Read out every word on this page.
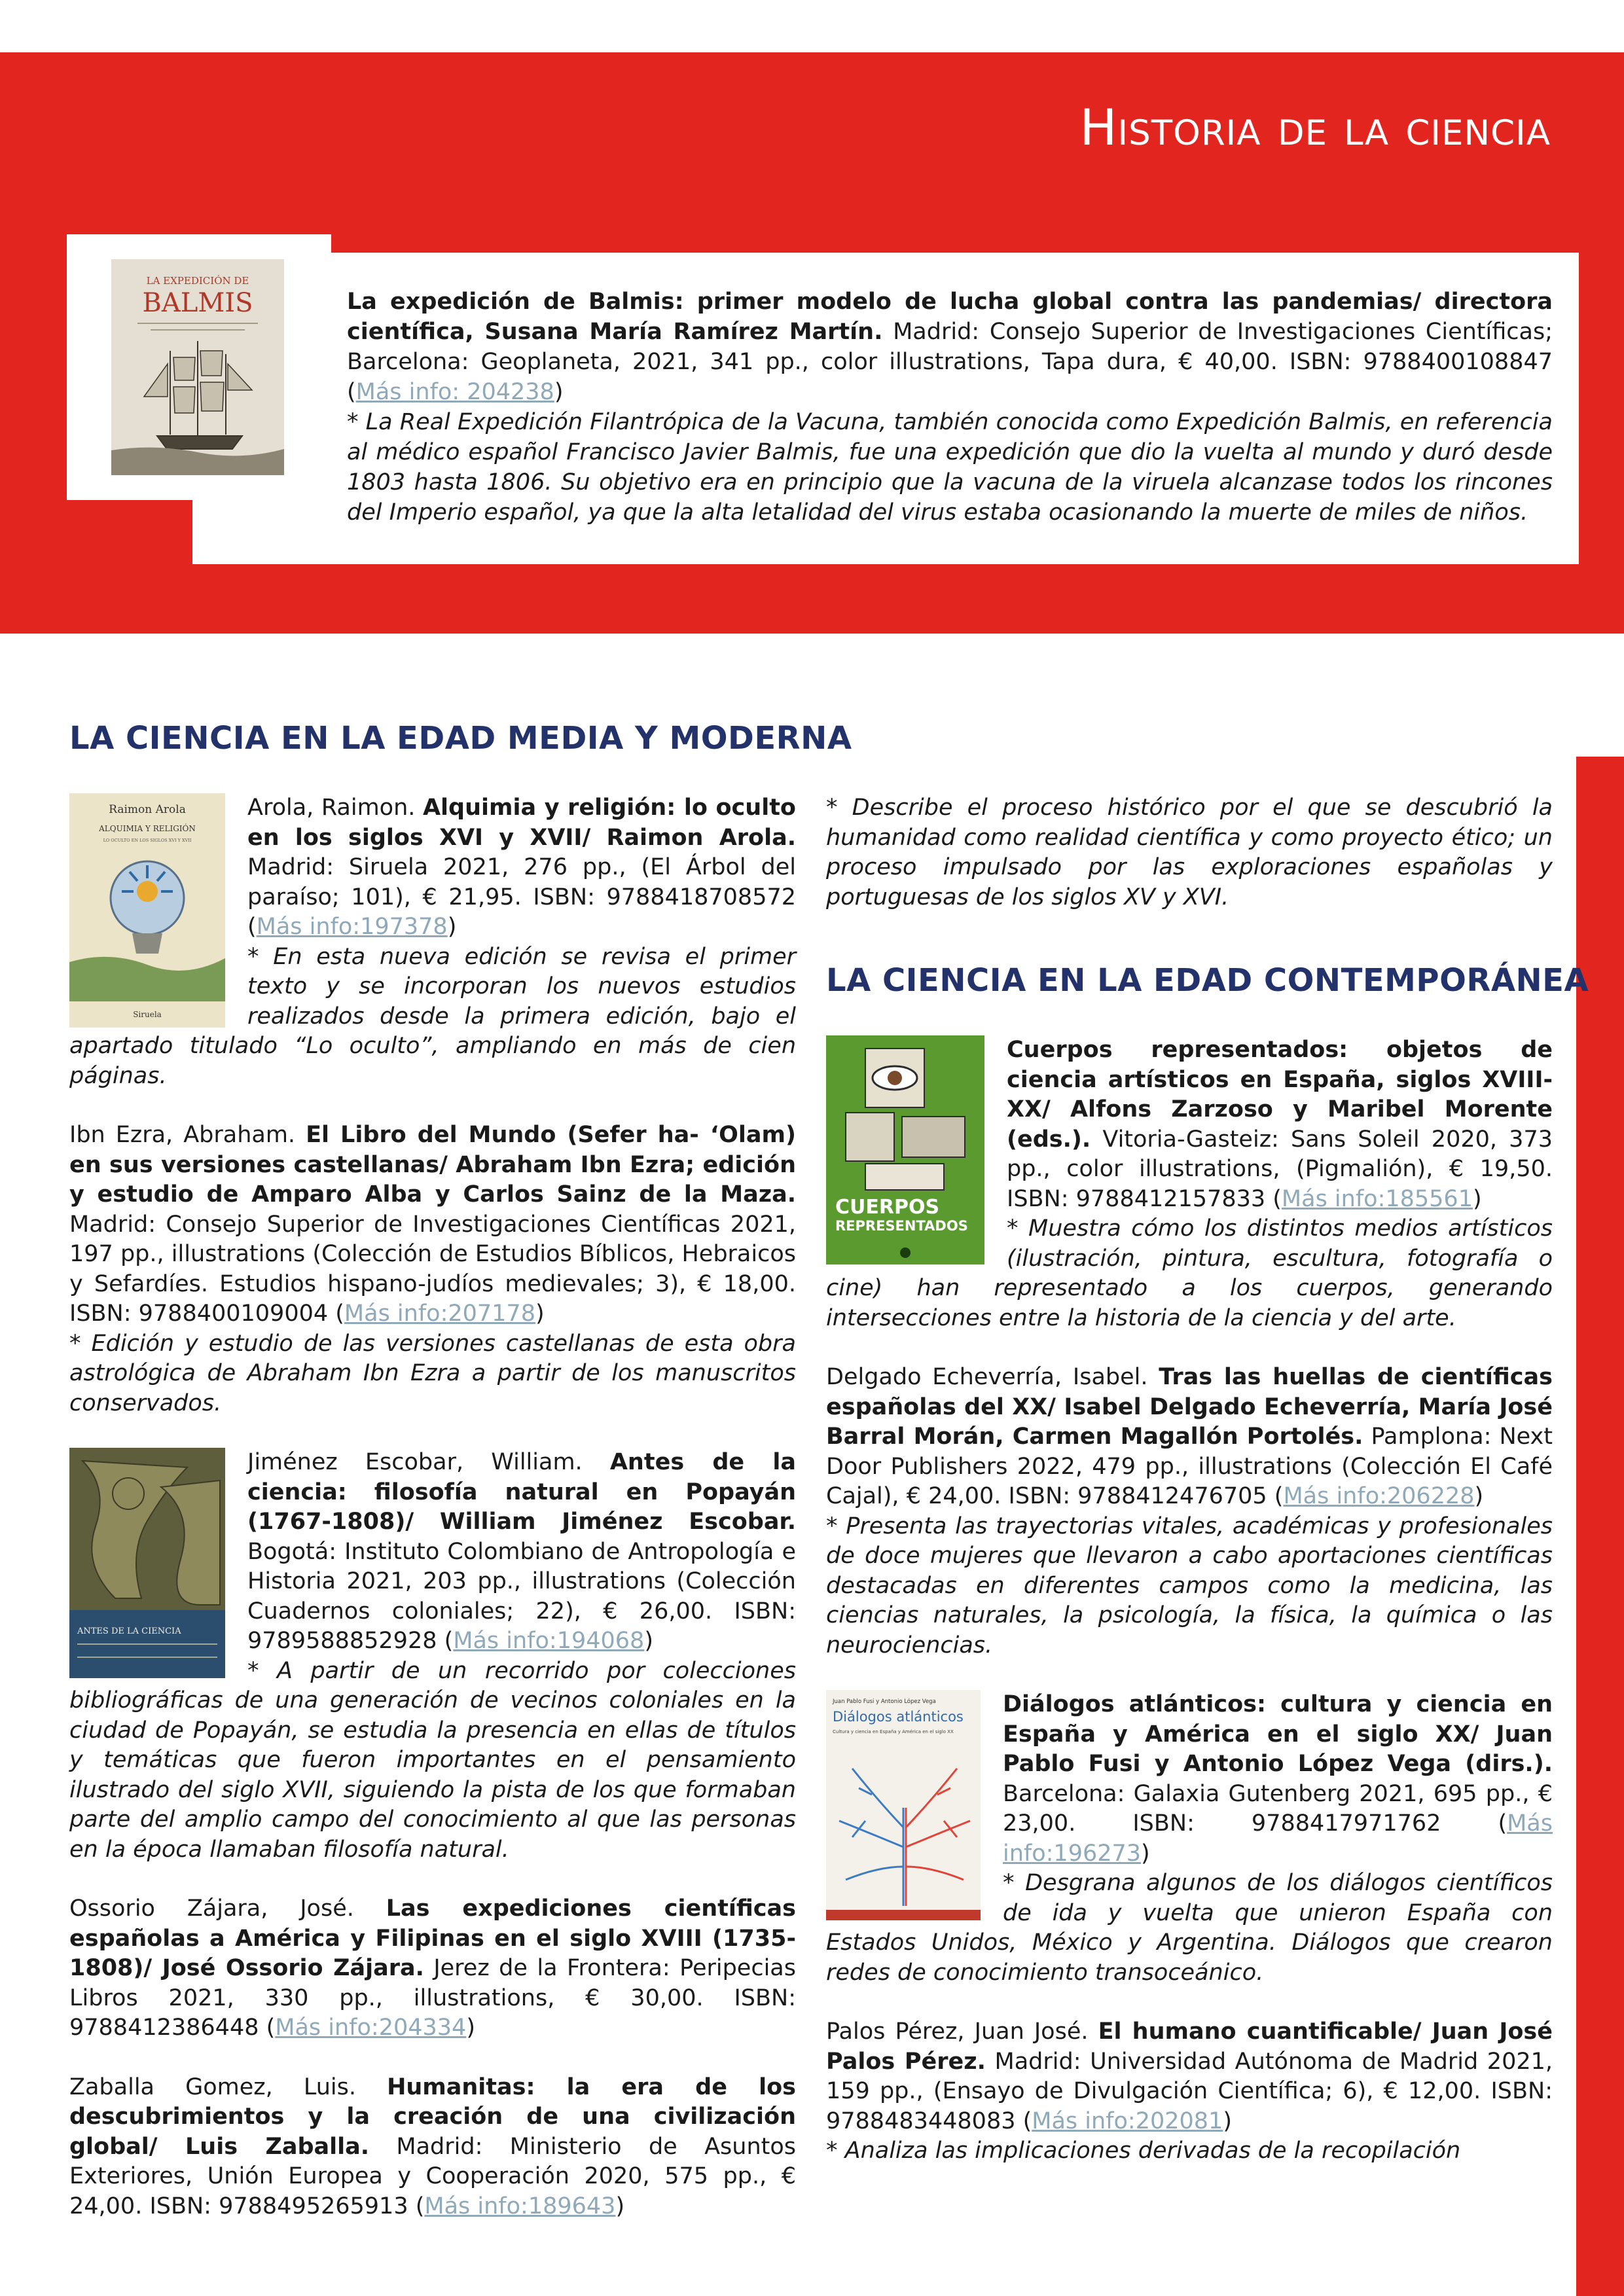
Historia de la ciencia
LA EXPEDICIÓN DE
BALMIS	La expedición de Balmis: primer modelo de lucha global contra las pandemias/ directora científica, Susana María Ramírez Martín. Madrid: Consejo Superior de Investigaciones Científicas; Barcelona: Geoplaneta, 2021, 341 pp., color illustrations, Tapa dura, € 40,00. ISBN: 9788400108847 (Más info: 204238)
* La Real Expedición Filantrópica de la Vacuna, también conocida como Expedición Balmis, en referencia al médico español Francisco Javier Balmis, fue una expedición que dio la vuelta al mundo y duró desde 1803 hasta 1806. Su objetivo era en principio que la vacuna de la viruela alcanzase todos los rincones del Imperio español, ya que la alta letalidad del virus estaba ocasionando la muerte de miles de niños.
LA CIENCIA EN LA EDAD MEDIA Y MODERNA
Raimon Arola
ALQUIMIA Y RELIGIÓN
LO OCULTO EN LOS SIGLOS XVI Y XVII
Siruela
Arola, Raimon. Alquimia y religión: lo oculto en los siglos XVI y XVII/ Raimon Arola. Madrid: Siruela 2021, 276 pp., (El Árbol del paraíso; 101), € 21,95. ISBN: 9788418708572 (Más info:197378)
* En esta nueva edición se revisa el primer texto y se incorporan los nuevos estudios realizados desde la primera edición, bajo el apartado titulado “Lo oculto”, ampliando en más de cien páginas.
Ibn Ezra, Abraham. El Libro del Mundo (Sefer ha- ‘Olam) en sus versiones castellanas/ Abraham Ibn Ezra; edición y estudio de Amparo Alba y Carlos Sainz de la Maza. Madrid: Consejo Superior de Investigaciones Científicas 2021, 197 pp., illustrations (Colección de Estudios Bíblicos, Hebraicos y Sefardíes. Estudios hispano-judíos medievales; 3), € 18,00. ISBN: 9788400109004 (Más info:207178)
* Edición y estudio de las versiones castellanas de esta obra astrológica de Abraham Ibn Ezra a partir de los manuscritos conservados.
ANTES DE LA CIENCIA
Jiménez Escobar, William. Antes de la ciencia: filosofía natural en Popayán (1767-1808)/ William Jiménez Escobar. Bogotá: Instituto Colombiano de Antropología e Historia 2021, 203 pp., illustrations (Colección Cuadernos coloniales; 22), € 26,00. ISBN: 9789588852928 (Más info:194068)
* A partir de un recorrido por colecciones bibliográficas de una generación de vecinos coloniales en la ciudad de Popayán, se estudia la presencia en ellas de títulos y temáticas que fueron importantes en el pensamiento ilustrado del siglo XVII, siguiendo la pista de los que formaban parte del amplio campo del conocimiento al que las personas en la época llamaban filosofía natural.
Ossorio Zájara, José. Las expediciones científicas españolas a América y Filipinas en el siglo XVIII (1735-1808)/ José Ossorio Zájara. Jerez de la Frontera: Peripecias Libros 2021, 330 pp., illustrations, € 30,00. ISBN: 9788412386448 (Más info:204334)
Zaballa Gomez, Luis. Humanitas: la era de los descubrimientos y la creación de una civilización global/ Luis Zaballa. Madrid: Ministerio de Asuntos Exteriores, Unión Europea y Cooperación 2020, 575 pp., € 24,00. ISBN: 9788495265913 (Más info:189643)
* Describe el proceso histórico por el que se descubrió la humanidad como realidad científica y como proyecto ético; un proceso impulsado por las exploraciones españolas y portuguesas de los siglos XV y XVI.
LA CIENCIA EN LA EDAD CONTEMPORÁNEA
CUERPOS
REPRESENTADOS
Cuerpos representados: objetos de ciencia artísticos en España, siglos XVIII-XX/ Alfons Zarzoso y Maribel Morente (eds.). Vitoria-Gasteiz: Sans Soleil 2020, 373 pp., color illustrations, (Pigmalión), € 19,50. ISBN: 9788412157833 (Más info:185561)
* Muestra cómo los distintos medios artísticos (ilustración, pintura, escultura, fotografía o cine) han representado a los cuerpos, generando intersecciones entre la historia de la ciencia y del arte.
Delgado Echeverría, Isabel. Tras las huellas de científicas españolas del XX/ Isabel Delgado Echeverría, María José Barral Morán, Carmen Magallón Portolés. Pamplona: Next Door Publishers 2022, 479 pp., illustrations (Colección El Café Cajal), € 24,00. ISBN: 9788412476705 (Más info:206228)
* Presenta las trayectorias vitales, académicas y profesionales de doce mujeres que llevaron a cabo aportaciones científicas destacadas en diferentes campos como la medicina, las ciencias naturales, la psicología, la física, la química o las neurociencias.
Juan Pablo Fusi y Antonio López Vega
Diálogos atlánticos
Cultura y ciencia en España y América en el siglo XX
Diálogos atlánticos: cultura y ciencia en España y América en el siglo XX/ Juan Pablo Fusi y Antonio López Vega (dirs.). Barcelona: Galaxia Gutenberg 2021, 695 pp., € 23,00. ISBN: 9788417971762 (Más info:196273)
* Desgrana algunos de los diálogos científicos de ida y vuelta que unieron España con Estados Unidos, México y Argentina. Diálogos que crearon redes de conocimiento transoceánico.
Palos Pérez, Juan José. El humano cuantificable/ Juan José Palos Pérez. Madrid: Universidad Autónoma de Madrid 2021, 159 pp., (Ensayo de Divulgación Científica; 6), € 12,00. ISBN: 9788483448083 (Más info:202081)
* Analiza las implicaciones derivadas de la recopilación
